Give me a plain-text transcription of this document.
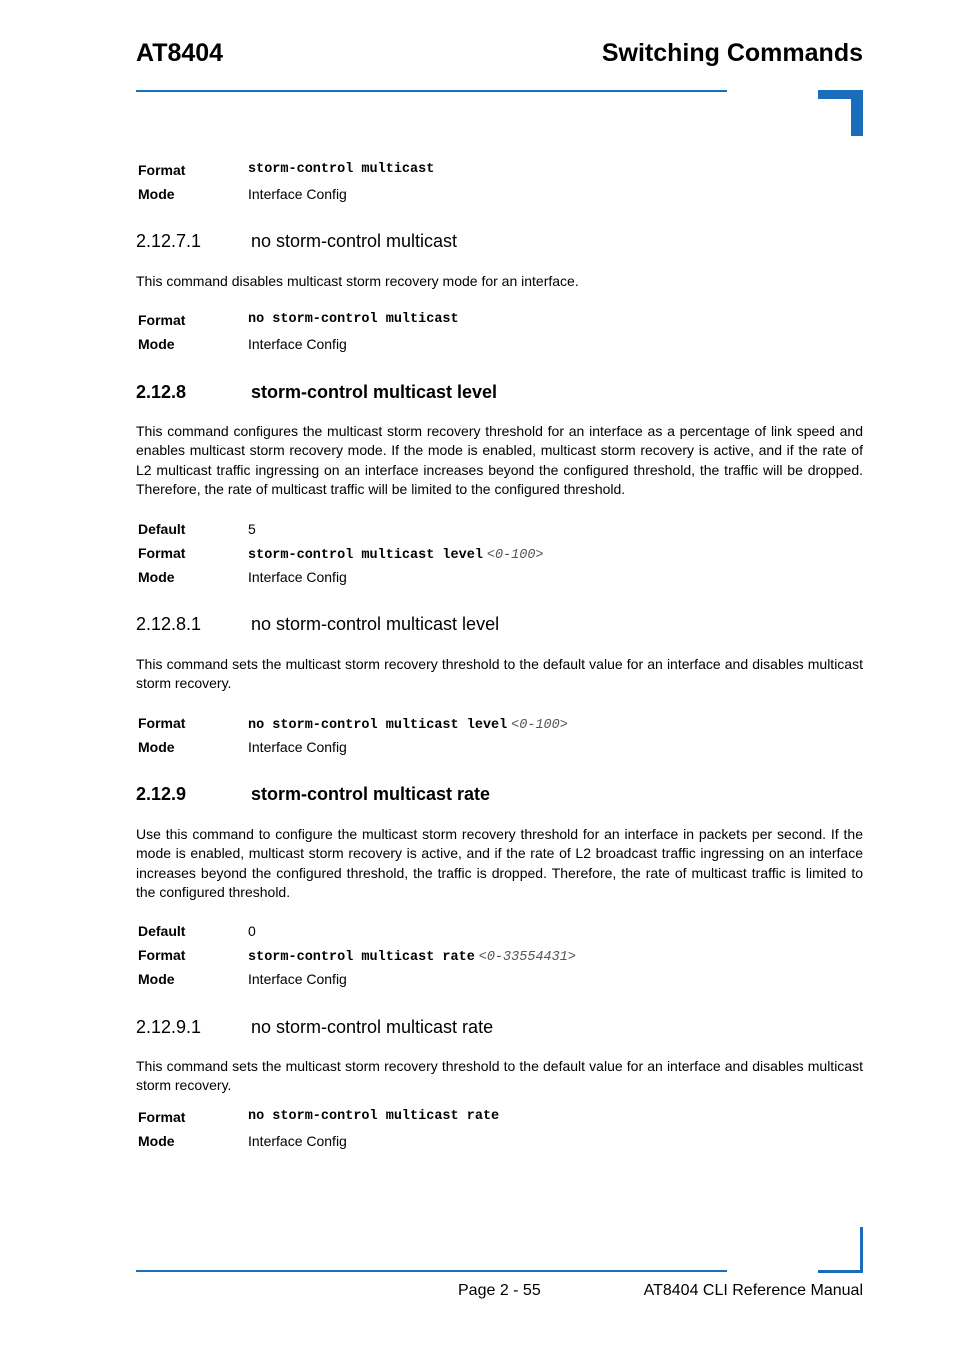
AT8404	Switching Commands
Format	storm-control multicast
Mode	Interface Config
2.12.7.1	no storm-control multicast
This command disables multicast storm recovery mode for an interface.
Format	no storm-control multicast
Mode	Interface Config
2.12.8	storm-control multicast level
This command configures the multicast storm recovery threshold for an interface as a percentage of link speed and enables multicast storm recovery mode. If the mode is enabled, multicast storm recovery is active, and if the rate of L2 multicast traffic ingressing on an interface increases beyond the configured threshold, the traffic will be dropped. Therefore, the rate of multicast traffic will be limited to the configured threshold.
Default	5
Format	storm-control multicast level <0-100>
Mode	Interface Config
2.12.8.1	no storm-control multicast level
This command sets the multicast storm recovery threshold to the default value for an interface and disables multicast storm recovery.
Format	no storm-control multicast level <0-100>
Mode	Interface Config
2.12.9	storm-control multicast rate
Use this command to configure the multicast storm recovery threshold for an interface in packets per second. If the mode is enabled, multicast storm recovery is active, and if the rate of L2 broadcast traffic ingressing on an interface increases beyond the configured threshold, the traffic is dropped. Therefore, the rate of multicast traffic is limited to the configured threshold.
Default	0
Format	storm-control multicast rate <0-33554431>
Mode	Interface Config
2.12.9.1	no storm-control multicast rate
This command sets the multicast storm recovery threshold to the default value for an interface and disables multicast storm recovery.
Format	no storm-control multicast rate
Mode	Interface Config
Page 2 - 55	AT8404 CLI Reference Manual
